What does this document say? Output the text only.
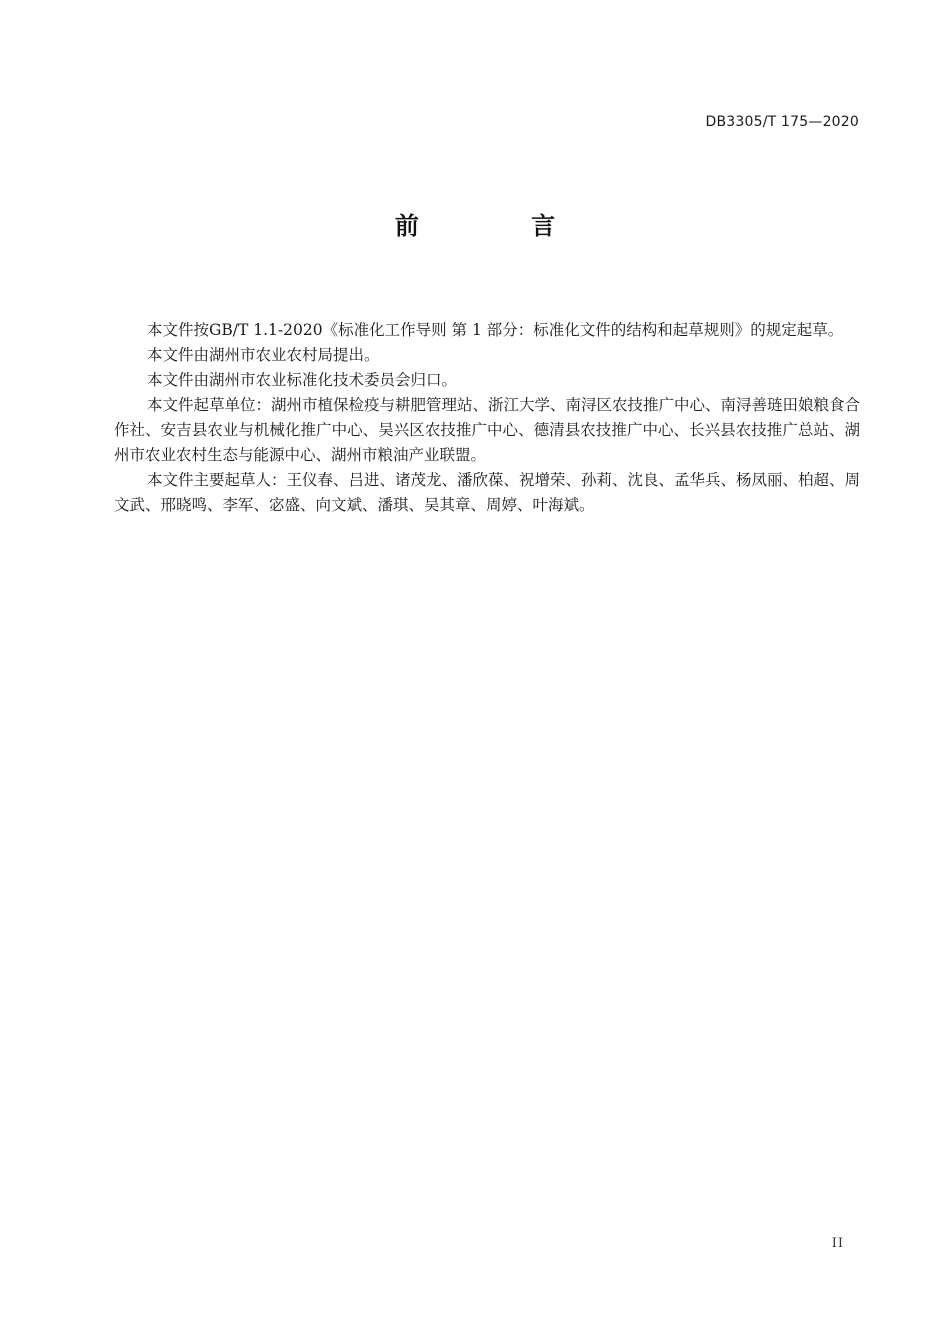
DB3305/T 175—2020
前 言

本文件按GB/T 1.1-2020《标准化工作导则 第 1 部分：标准化文件的结构和起草规则》的规定起草。

本文件由湖州市农业农村局提出。

本文件由湖州市农业标准化技术委员会归口。

本文件起草单位：湖州市植保检疫与耕肥管理站、浙江大学、南浔区农技推广中心、南浔善琏田娘粮食合作社、安吉县农业与机械化推广中心、吴兴区农技推广中心、德清县农技推广中心、长兴县农技推广总站、湖州市农业农村生态与能源中心、湖州市粮油产业联盟。

本文件主要起草人：王仪春、吕进、诸茂龙、潘欣葆、祝增荣、孙莉、沈良、孟华兵、杨凤丽、柏超、周文武、邢晓鸣、李军、宓盛、向文斌、潘琪、吴其章、周婷、叶海斌。

II
